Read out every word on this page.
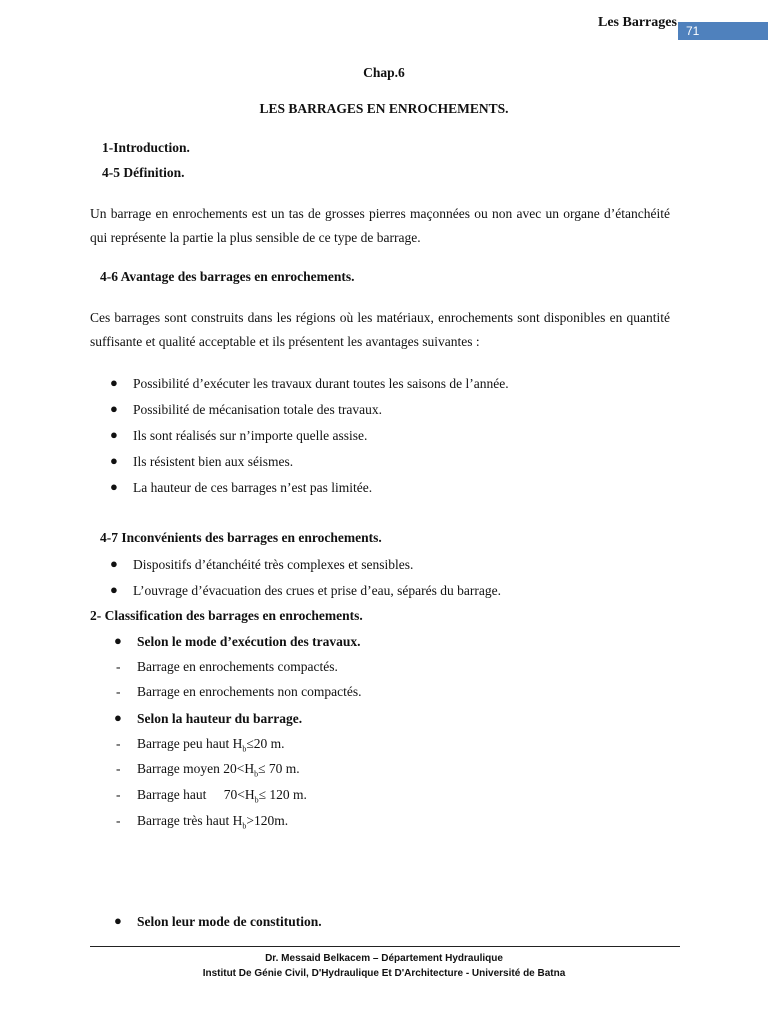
Les Barrages
71
Chap.6
LES BARRAGES EN ENROCHEMENTS.
1-Introduction.
4-5 Définition.
Un barrage en enrochements est un tas de grosses pierres maçonnées ou non avec un organe d’étanchéité qui représente la partie la plus sensible de ce type de barrage.
4-6 Avantage des barrages en enrochements.
Ces barrages sont construits dans les régions où les matériaux, enrochements sont disponibles en quantité suffisante et qualité acceptable et ils présentent les avantages suivantes :
● Possibilité d’exécuter les travaux durant toutes les saisons de l’année.
● Possibilité de mécanisation totale des travaux.
● Ils sont réalisés sur n’importe quelle assise.
● Ils résistent bien aux séismes.
● La hauteur de ces barrages n’est pas limitée.
4-7 Inconvénients des barrages en enrochements.
● Dispositifs d’étanchéité très complexes et sensibles.
● L’ouvrage d’évacuation des crues et prise d’eau, séparés du barrage.
2- Classification des barrages en enrochements.
● Selon le mode d’exécution des travaux.
- Barrage en enrochements compactés.
- Barrage en enrochements non compactés.
● Selon la hauteur du barrage.
- Barrage peu haut $H_b\le 20$ m.
- Barrage moyen $20<H_b\le 70$ m.
- Barrage haut $70<H_b\le 120$ m.
- Barrage très haut $H_b>120m$.
● Selon leur mode de constitution.
Dr. Messaid Belkacem – Département Hydraulique
Institut De Génie Civil, D'Hydraulique Et D'Architecture - Université de Batna
